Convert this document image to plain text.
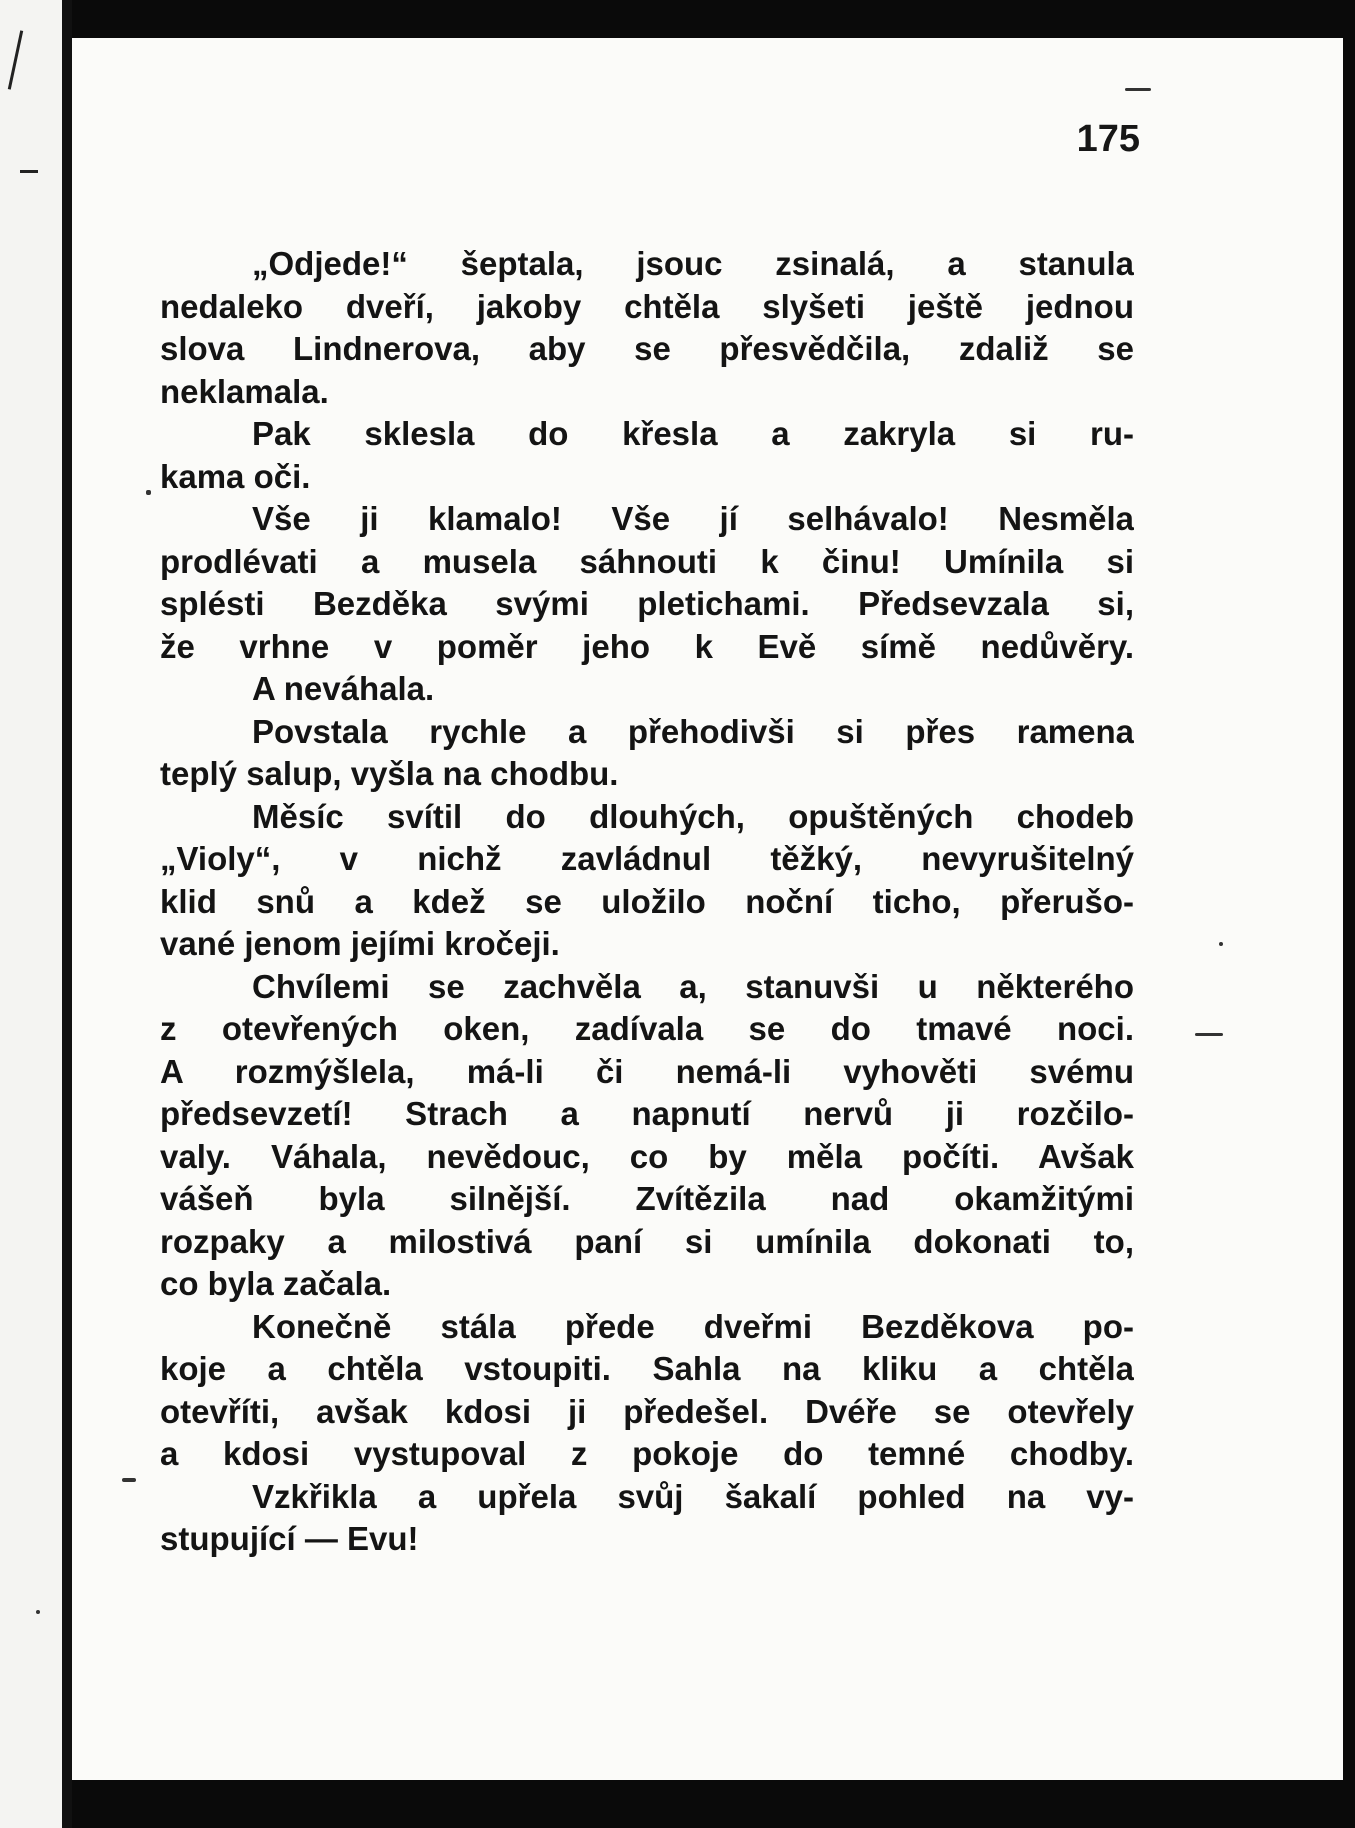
175
„Odjede!“ šeptala, jsouc zsinalá, a stanula
nedaleko dveří, jakoby chtěla slyšeti ještě jednou
slova Lindnerova, aby se přesvědčila, zdaliž se
neklamala.
Pak sklesla do křesla a zakryla si ru-
kama oči.
Vše ji klamalo! Vše jí selhávalo! Nesměla
prodlévati a musela sáhnouti k činu! Umínila si
splésti Bezděka svými pletichami. Předsevzala si,
že vrhne v poměr jeho k Evě símě nedůvěry.
A neváhala.
Povstala rychle a přehodivši si přes ramena
teplý salup, vyšla na chodbu.
Měsíc svítil do dlouhých, opuštěných chodeb
„Violy“, v nichž zavládnul těžký, nevyrušitelný
klid snů a kdež se uložilo noční ticho, přerušo-
vané jenom jejími kročeji.
Chvílemi se zachvěla a, stanuvši u některého
z otevřených oken, zadívala se do tmavé noci.
A rozmýšlela, má-li či nemá-li vyhověti svému
předsevzetí! Strach a napnutí nervů ji rozčilo-
valy. Váhala, nevědouc, co by měla počíti. Avšak
vášeň byla silnější. Zvítězila nad okamžitými
rozpaky a milostivá paní si umínila dokonati to,
co byla začala.
Konečně stála přede dveřmi Bezděkova po-
koje a chtěla vstoupiti. Sahla na kliku a chtěla
otevříti, avšak kdosi ji předešel. Dvéře se otevřely
a kdosi vystupoval z pokoje do temné chodby.
Vzkřikla a upřela svůj šakalí pohled na vy-
stupující — Evu!
